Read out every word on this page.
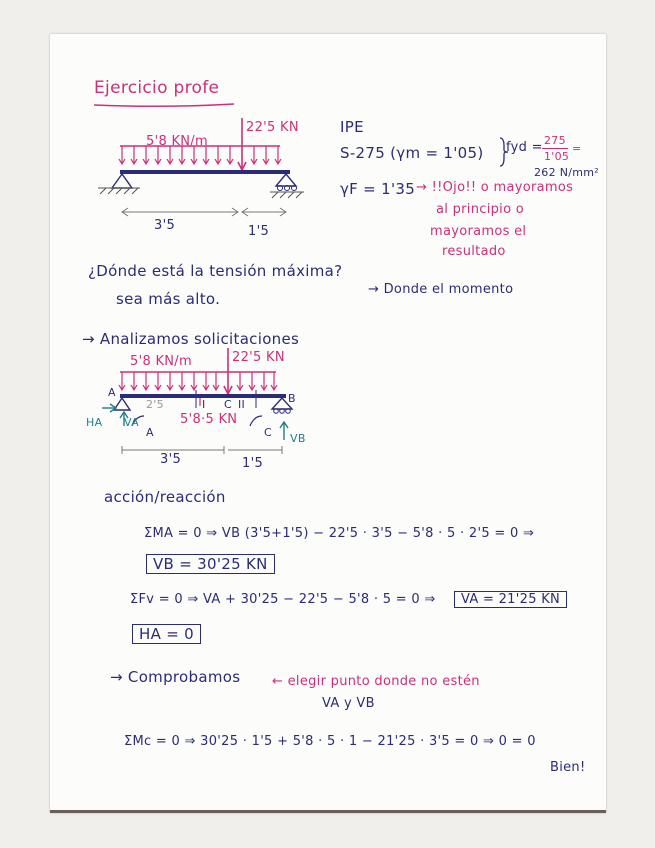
Ejercicio profe
5'8 KN/m
22'5 KN
3'5	1'5
IPE
S-275 (γm = 1'05) fyd = 275
1'05
=
262 N/mm²
γF = 1'35 → !!Ojo!! o mayoramos
al principio o
mayoramos el
resultado
¿Dónde está la tensión máxima?
→ Donde el momento
sea más alto.
→ Analizamos solicitaciones
5'8 KN/m	22'5 KN
A	B
I C II
2'5
5'8·5 KN
HA VA
VB
A	C
3'5	1'5
acción/reacción
ΣMA = 0 ⇒ VB (3'5+1'5) − 22'5 · 3'5 − 5'8 · 5 · 2'5 = 0 ⇒
VB = 30'25 KN
ΣFv = 0 ⇒ VA + 30'25 − 22'5 − 5'8 · 5 = 0 ⇒	VA = 21'25 KN
HA = 0
→ Comprobamos ← elegir punto donde no estén
VA y VB
ΣMc = 0 ⇒ 30'25 · 1'5 + 5'8 · 5 · 1 − 21'25 · 3'5 = 0 ⇒ 0 = 0
Bien!
